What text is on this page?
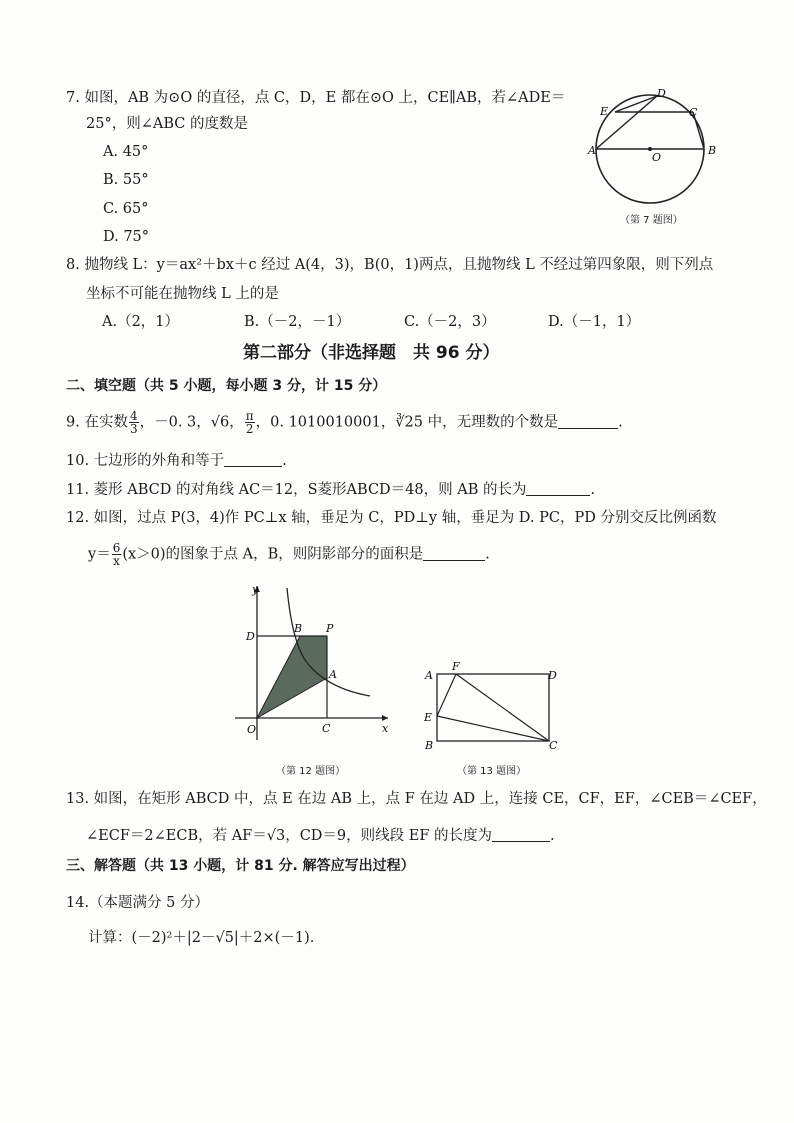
7. 如图，AB 为⊙O 的直径，点 C，D，E 都在⊙O 上，CE∥AB，若∠ADE＝
25°，则∠ABC 的度数是
A. 45°
B. 55°
C. 65°
D. 75°
A	B
C
D
E
O
（第 7 题图）
8. 抛物线 L：y＝ax²＋bx＋c 经过 A(4，3)，B(0，1)两点，且抛物线 L 不经过第四象限，则下列点
坐标不可能在抛物线 L 上的是
A.（2，1）	B.（－2，－1）	C.（－2，3）	D.（－1，1）
第二部分（非选择题　共 96 分）
二、填空题（共 5 小题，每小题 3 分，计 15 分）
9. 在实数 $\frac{4}{3}$ ，－0. 3，√6， $\frac{\pi}{2}$ ，0. 1010010001，∛25 中，无理数的个数是	.
10. 七边形的外角和等于	.
11. 菱形 ABCD 的对角线 AC＝12，S菱形ABCD＝48，则 AB 的长为	.
12. 如图，过点 P(3，4)作 PC⊥x 轴，垂足为 C，PD⊥y 轴，垂足为 D. PC，PD 分别交反比例函数
$y= \frac{6}{x} (x>0)$的图象于点 A，B，则阴影部分的面积是	.
y
x
O
D
B P
A
C
（第 12 题图）
A
F
D
E
B	C
（第 13 题图）
13. 如图，在矩形 ABCD 中，点 E 在边 AB 上，点 F 在边 AD 上，连接 CE，CF，EF，∠CEB＝∠CEF，
∠ECF＝2∠ECB，若 AF＝√3，CD＝9，则线段 EF 的长度为	.
三、解答题（共 13 小题，计 81 分. 解答应写出过程）
14.（本题满分 5 分）
计算：(－2)²＋|2－√5|＋2×(－1).
